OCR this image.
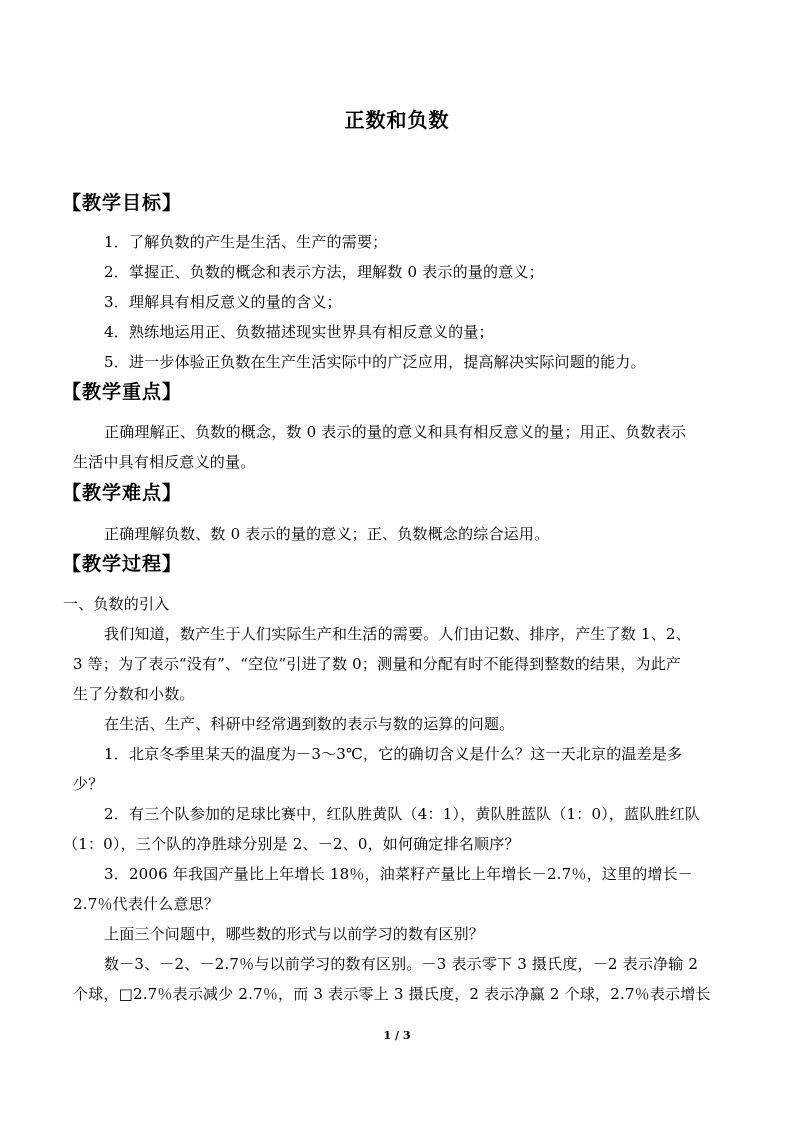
正数和负数
【教学目标】
1．了解负数的产生是生活、生产的需要；
2．掌握正、负数的概念和表示方法，理解数 0 表示的量的意义；
3．理解具有相反意义的量的含义；
4．熟练地运用正、负数描述现实世界具有相反意义的量；
5．进一步体验正负数在生产生活实际中的广泛应用，提高解决实际问题的能力。
【教学重点】
正确理解正、负数的概念，数 0 表示的量的意义和具有相反意义的量；用正、负数表示
生活中具有相反意义的量。
【教学难点】
正确理解负数、数 0 表示的量的意义；正、负数概念的综合运用。
【教学过程】
一、负数的引入
我们知道，数产生于人们实际生产和生活的需要。人们由记数、排序，产生了数 1、2、
3 等；为了表示“没有”、“空位”引进了数 0；测量和分配有时不能得到整数的结果，为此产
生了分数和小数。
在生活、生产、科研中经常遇到数的表示与数的运算的问题。
1．北京冬季里某天的温度为－3～3℃，它的确切含义是什么？这一天北京的温差是多
少？
2．有三个队参加的足球比赛中，红队胜黄队（4：1），黄队胜蓝队（1：0），蓝队胜红队
（1：0），三个队的净胜球分别是 2、－2、0，如何确定排名顺序？
3．2006 年我国产量比上年增长 18％，油菜籽产量比上年增长－2.7％，这里的增长－
2.7％代表什么意思？
上面三个问题中，哪些数的形式与以前学习的数有区别？
数－3、－2、－2.7％与以前学习的数有区别。－3 表示零下 3 摄氏度，－2 表示净输 2
个球，□2.7％表示减少 2.7％，而 3 表示零上 3 摄氏度，2 表示净赢 2 个球，2.7％表示增长
1 / 3
